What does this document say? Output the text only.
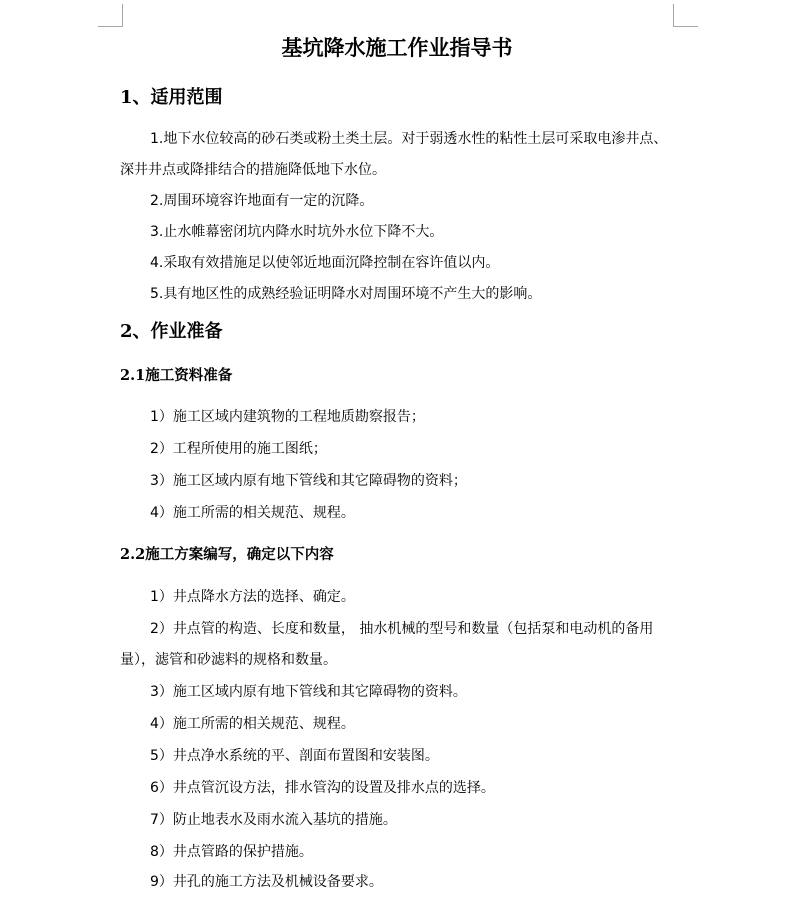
基坑降水施工作业指导书
1、适用范围

1.地下水位较高的砂石类或粉土类土层。对于弱透水性的粘性土层可采取电渗井点、深井井点或降排结合的措施降低地下水位。

2.周围环境容许地面有一定的沉降。

3.止水帷幕密闭坑内降水时坑外水位下降不大。

4.采取有效措施足以使邻近地面沉降控制在容许值以内。

5.具有地区性的成熟经验证明降水对周围环境不产生大的影响。

2、作业准备
2.1施工资料准备

1）施工区域内建筑物的工程地质勘察报告；

2）工程所使用的施工图纸；

3）施工区域内原有地下管线和其它障碍物的资料；

4）施工所需的相关规范、规程。

2.2施工方案编写，确定以下内容

1）井点降水方法的选择、确定。

2）井点管的构造、长度和数量， 抽水机械的型号和数量（包括泵和电动机的备用量），滤管和砂滤料的规格和数量。

3）施工区域内原有地下管线和其它障碍物的资料。

4）施工所需的相关规范、规程。

5）井点净水系统的平、剖面布置图和安装图。

6）井点管沉设方法，排水管沟的设置及排水点的选择。

7）防止地表水及雨水流入基坑的措施。

8）井点管路的保护措施。

9）井孔的施工方法及机械设备要求。
